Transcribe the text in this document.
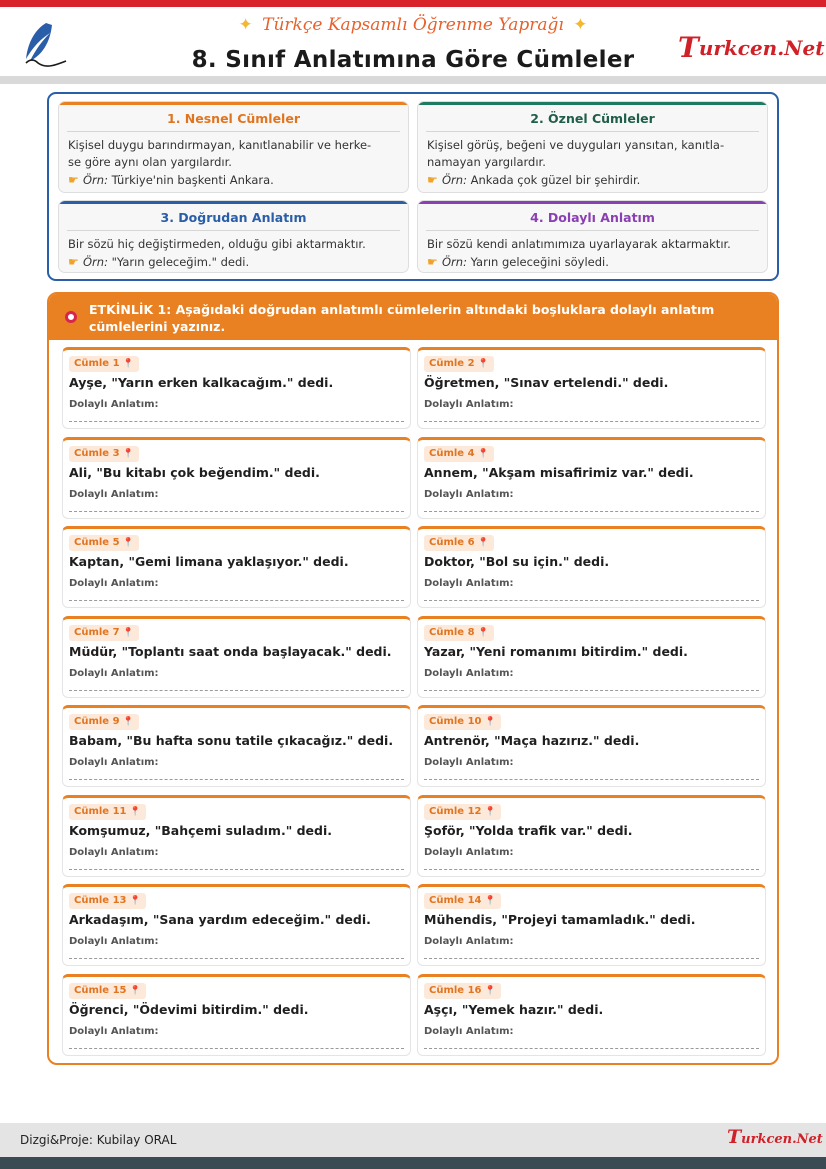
✦ Türkçe Kapsamlı Öğrenme Yaprağı ✦
8. Sınıf Anlatımına Göre Cümleler	Turkcen.Net
1. Nesnel Cümleler
Kişisel duygu barındırmayan, kanıtlanabilir ve herke-
se göre aynı olan yargılardır.
☛ Örn: Türkiye'nin başkenti Ankara.
2. Öznel Cümleler
Kişisel görüş, beğeni ve duyguları yansıtan, kanıtla-
namayan yargılardır.
☛ Örn: Ankada çok güzel bir şehirdir.
3. Doğrudan Anlatım
Bir sözü hiç değiştirmeden, olduğu gibi aktarmaktır.
☛ Örn: "Yarın geleceğim." dedi.
4. Dolaylı Anlatım
Bir sözü kendi anlatımımıza uyarlayarak aktarmaktır.
☛ Örn: Yarın geleceğini söyledi.
ETKİNLİK 1: Aşağıdaki doğrudan anlatımlı cümlelerin altındaki boşluklara dolaylı anlatım
cümlelerini yazınız.
Cümle 1 📍
Ayşe, "Yarın erken kalkacağım." dedi.
Dolaylı Anlatım:
Cümle 2 📍
Öğretmen, "Sınav ertelendi." dedi.
Dolaylı Anlatım:
Cümle 3 📍
Ali, "Bu kitabı çok beğendim." dedi.
Dolaylı Anlatım:
Cümle 4 📍
Annem, "Akşam misafirimiz var." dedi.
Dolaylı Anlatım:
Cümle 5 📍
Kaptan, "Gemi limana yaklaşıyor." dedi.
Dolaylı Anlatım:
Cümle 6 📍
Doktor, "Bol su için." dedi.
Dolaylı Anlatım:
Cümle 7 📍
Müdür, "Toplantı saat onda başlayacak." dedi.
Dolaylı Anlatım:
Cümle 8 📍
Yazar, "Yeni romanımı bitirdim." dedi.
Dolaylı Anlatım:
Cümle 9 📍
Babam, "Bu hafta sonu tatile çıkacağız." dedi.
Dolaylı Anlatım:
Cümle 10 📍
Antrenör, "Maça hazırız." dedi.
Dolaylı Anlatım:
Cümle 11 📍
Komşumuz, "Bahçemi suladım." dedi.
Dolaylı Anlatım:
Cümle 12 📍
Şoför, "Yolda trafik var." dedi.
Dolaylı Anlatım:
Cümle 13 📍
Arkadaşım, "Sana yardım edeceğim." dedi.
Dolaylı Anlatım:
Cümle 14 📍
Mühendis, "Projeyi tamamladık." dedi.
Dolaylı Anlatım:
Cümle 15 📍
Öğrenci, "Ödevimi bitirdim." dedi.
Dolaylı Anlatım:
Cümle 16 📍
Aşçı, "Yemek hazır." dedi.
Dolaylı Anlatım:
Dizgi&Proje: Kubilay ORAL	Turkcen.Net
